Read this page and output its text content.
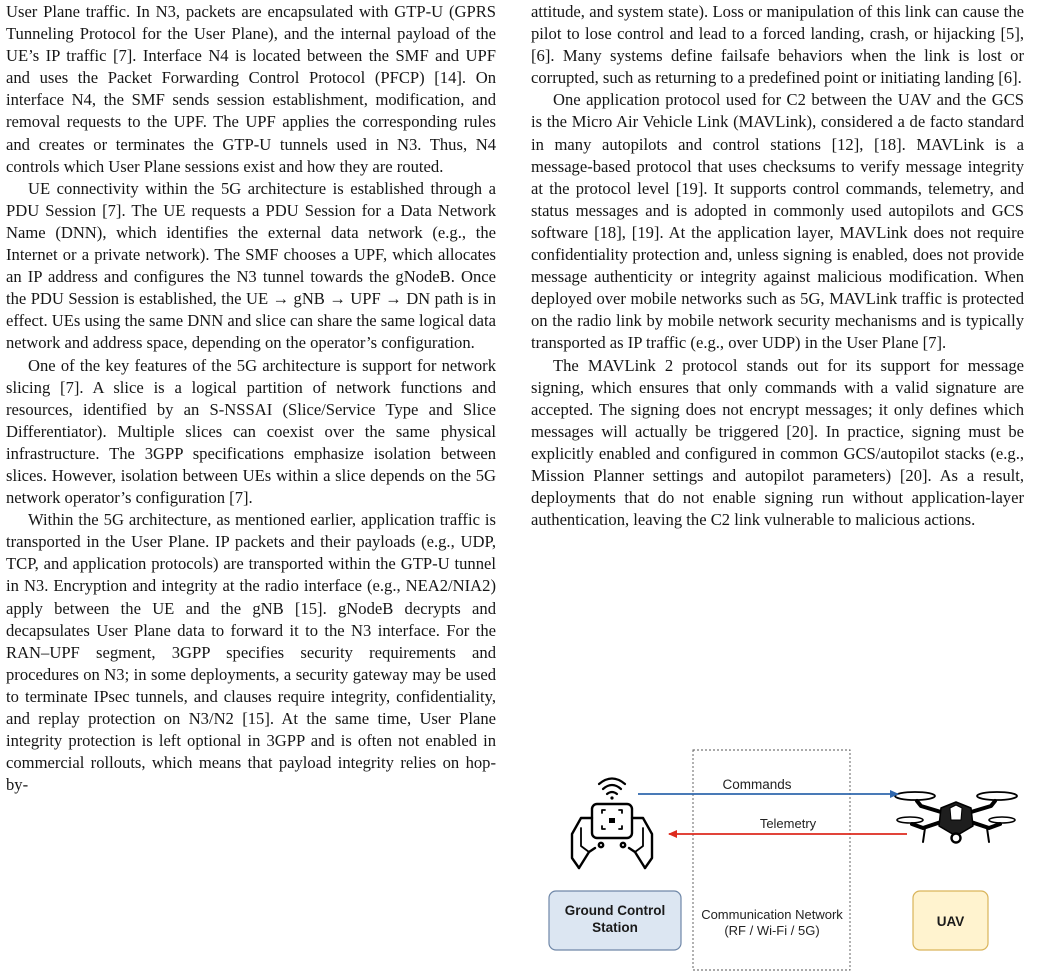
User Plane traffic. In N3, packets are encapsulated with GTP-U (GPRS Tunneling Protocol for the User Plane), and the internal payload of the UE’s IP traffic [7]. Interface N4 is located between the SMF and UPF and uses the Packet Forwarding Control Protocol (PFCP) [14]. On interface N4, the SMF sends session establishment, modification, and removal requests to the UPF. The UPF applies the corresponding rules and creates or terminates the GTP-U tunnels used in N3. Thus, N4 controls which User Plane sessions exist and how they are routed.

UE connectivity within the 5G architecture is established through a PDU Session [7]. The UE requests a PDU Session for a Data Network Name (DNN), which identifies the external data network (e.g., the Internet or a private network). The SMF chooses a UPF, which allocates an IP address and configures the N3 tunnel towards the gNodeB. Once the PDU Session is established, the UE → gNB → UPF → DN path is in effect. UEs using the same DNN and slice can share the same logical data network and address space, depending on the operator’s configuration.

One of the key features of the 5G architecture is support for network slicing [7]. A slice is a logical partition of network functions and resources, identified by an S-NSSAI (Slice/Service Type and Slice Differentiator). Multiple slices can coexist over the same physical infrastructure. The 3GPP specifications emphasize isolation between slices. However, isolation between UEs within a slice depends on the 5G network operator’s configuration [7].

Within the 5G architecture, as mentioned earlier, application traffic is transported in the User Plane. IP packets and their payloads (e.g., UDP, TCP, and application protocols) are transported within the GTP-U tunnel in N3. Encryption and integrity at the radio interface (e.g., NEA2/NIA2) apply between the UE and the gNB [15]. gNodeB decrypts and decapsulates User Plane data to forward it to the N3 interface. For the RAN–UPF segment, 3GPP specifies security requirements and procedures on N3; in some deployments, a security gateway may be used to terminate IPsec tunnels, and clauses require integrity, confidentiality, and replay protection on N3/N2 [15]. At the same time, User Plane integrity protection is left optional in 3GPP and is often not enabled in commercial rollouts, which means that payload integrity relies on hop-by-

attitude, and system state). Loss or manipulation of this link can cause the pilot to lose control and lead to a forced landing, crash, or hijacking [5], [6]. Many systems define failsafe behaviors when the link is lost or corrupted, such as returning to a predefined point or initiating landing [6].

One application protocol used for C2 between the UAV and the GCS is the Micro Air Vehicle Link (MAVLink), considered a de facto standard in many autopilots and control stations [12], [18]. MAVLink is a message-based protocol that uses checksums to verify message integrity at the protocol level [19]. It supports control commands, telemetry, and status messages and is adopted in commonly used autopilots and GCS software [18], [19]. At the application layer, MAVLink does not require confidentiality protection and, unless signing is enabled, does not provide message authenticity or integrity against malicious modification. When deployed over mobile networks such as 5G, MAVLink traffic is protected on the radio link by mobile network security mechanisms and is typically transported as IP traffic (e.g., over UDP) in the User Plane [7].

The MAVLink 2 protocol stands out for its support for message signing, which ensures that only commands with a valid signature are accepted. The signing does not encrypt messages; it only defines which messages will actually be triggered [20]. In practice, signing must be explicitly enabled and configured in common GCS/autopilot stacks (e.g., Mission Planner settings and autopilot parameters) [20]. As a result, deployments that do not enable signing run without application-layer authentication, leaving the C2 link vulnerable to malicious actions.

Commands
Telemetry
Ground Control
Station
Communication Network
(RF / Wi-Fi / 5G)
UAV
